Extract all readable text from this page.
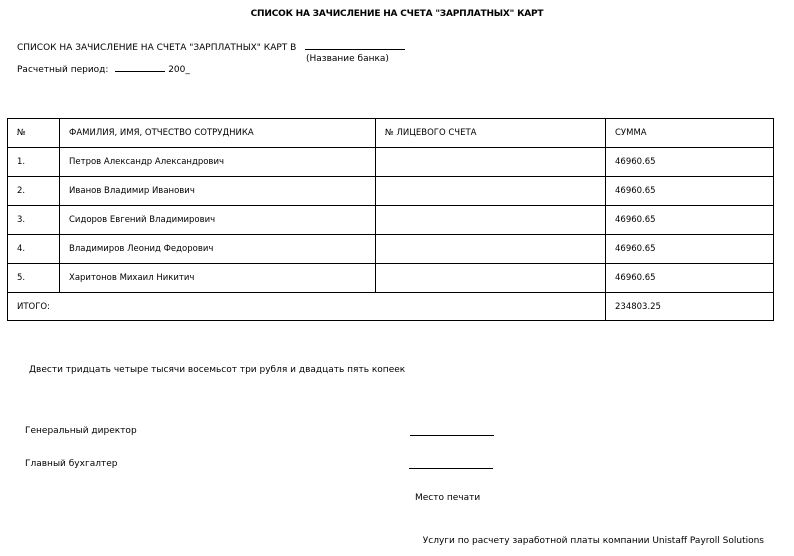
СПИСОК НА ЗАЧИСЛЕНИЕ НА СЧЕТА "ЗАРПЛАТНЫХ" КАРТ
СПИСОК НА ЗАЧИСЛЕНИЕ НА СЧЕТА "ЗАРПЛАТНЫХ" КАРТ В
(Название банка)
Расчетный период:	200_
№	ФАМИЛИЯ, ИМЯ, ОТЧЕСТВО СОТРУДНИКА	№ ЛИЦЕВОГО СЧЕТА	СУММА
1.	Петров Александр Александрович		46960.65
2.	Иванов Владимир Иванович		46960.65
3.	Сидоров Евгений Владимирович		46960.65
4.	Владимиров Леонид Федорович		46960.65
5.	Харитонов Михаил Никитич		46960.65
ИТОГО:			234803.25
Двести тридцать четыре тысячи восемьсот три рубля и двадцать пять копеек
Генеральный директор
Главный бухгалтер
Место печати
Услуги по расчету заработной платы компании Unistaff Payroll Solutions
